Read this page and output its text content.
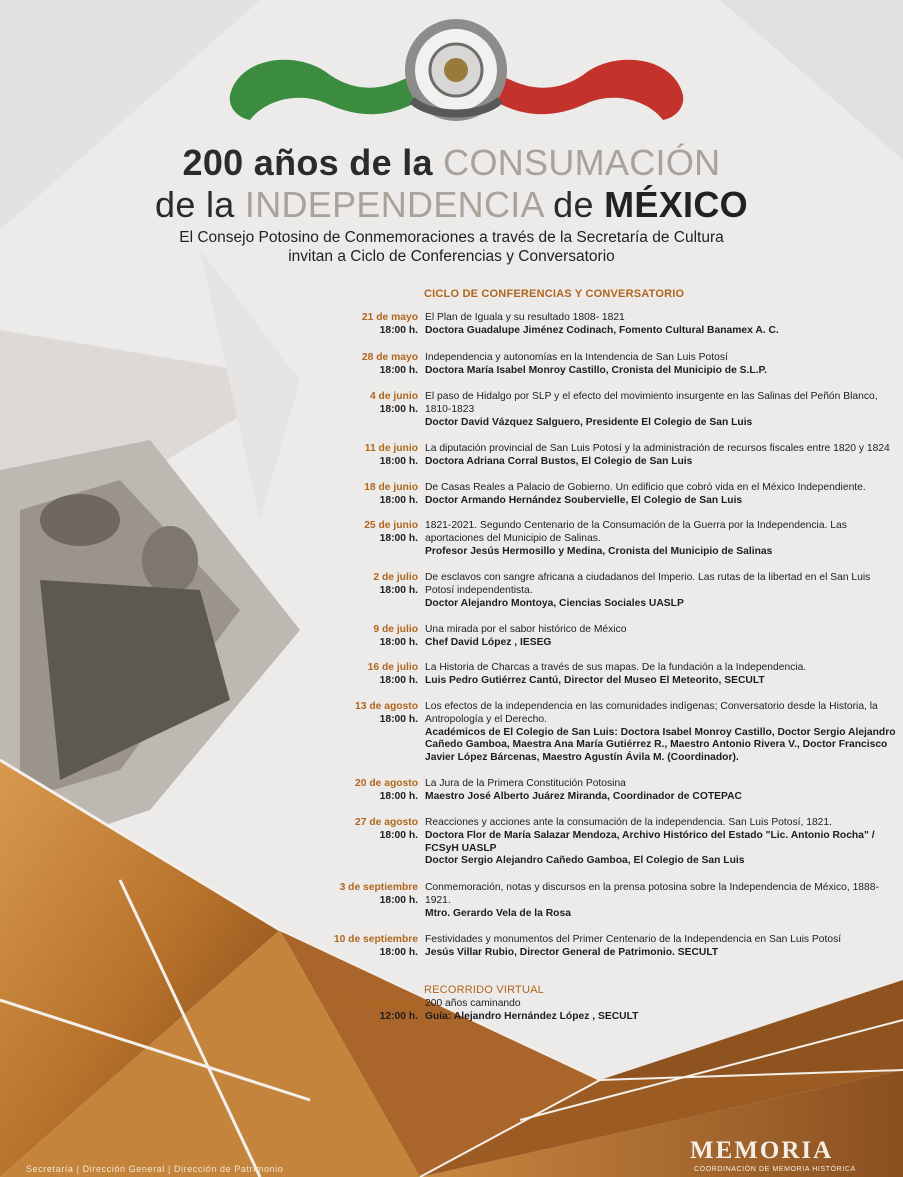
200 años de la CONSUMACIÓN
de la INDEPENDENCIA de MÉXICO
El Consejo Potosino de Conmemoraciones a través de la Secretaría de Cultura
invitan a Ciclo de Conferencias y Conversatorio
CICLO DE CONFERENCIAS Y CONVERSATORIO
21 de mayo
18:00 h.
El Plan de Iguala y su resultado 1808- 1821
Doctora Guadalupe Jiménez Codinach, Fomento Cultural Banamex A. C.
28 de mayo
18:00 h.
Independencia y autonomías en la Intendencia de San Luis Potosí
Doctora María Isabel Monroy Castillo, Cronista del Municipio de S.L.P.
4 de junio
18:00 h.
El paso de Hidalgo por SLP y el efecto del movimiento insurgente en las Salinas del Peñón Blanco, 1810-1823
Doctor David Vázquez Salguero, Presidente El Colegio de San Luis
11 de junio
18:00 h.
La diputación provincial de San Luis Potosí y la administración de recursos fiscales entre 1820 y 1824
Doctora Adriana Corral Bustos, El Colegio de San Luis
18 de junio
18:00 h.
De Casas Reales a Palacio de Gobierno. Un edificio que cobró vida en el México Independiente.
Doctor Armando Hernández Soubervielle, El Colegio de San Luis
25 de junio
18:00 h.
1821-2021. Segundo Centenario de la Consumación de la Guerra por la Independencia. Las aportaciones del Municipio de Salinas.
Profesor Jesús Hermosillo y Medina, Cronista del Municipio de Salinas
2 de julio
18:00 h.
De esclavos con sangre africana a ciudadanos del Imperio. Las rutas de la libertad en el San Luis Potosí independentista.
Doctor Alejandro Montoya, Ciencias Sociales UASLP
9 de julio
18:00 h.
Una mirada por el sabor histórico de México
Chef David López , IESEG
16 de julio
18:00 h.
La Historia de Charcas a través de sus mapas. De la fundación a la Independencia.
Luis Pedro Gutiérrez Cantú, Director del Museo El Meteorito, SECULT
13 de agosto
18:00 h.
Los efectos de la independencia en las comunidades indígenas; Conversatorio desde la Historia, la Antropología y el Derecho.
Académicos de El Colegio de San Luis: Doctora Isabel Monroy Castillo, Doctor Sergio Alejandro Cañedo Gamboa, Maestra Ana María Gutiérrez R., Maestro Antonio Rivera V., Doctor Francisco Javier López Bárcenas, Maestro Agustín Ávila M. (Coordinador).
20 de agosto
18:00 h.
La Jura de la Primera Constitución Potosina
Maestro José Alberto Juárez Miranda, Coordinador de COTEPAC
27 de agosto
18:00 h.
Reacciones y acciones ante la consumación de la independencia. San Luis Potosí, 1821.
Doctora Flor de María Salazar Mendoza, Archivo Histórico del Estado "Lic. Antonio Rocha" / FCSyH UASLP
Doctor Sergio Alejandro Cañedo Gamboa, El Colegio de San Luis
3 de septiembre
18:00 h.
Conmemoración, notas y discursos en la prensa potosina sobre la Independencia de México, 1888-1921.
Mtro. Gerardo Vela de la Rosa
10 de septiembre
18:00 h.
Festividades y monumentos del Primer Centenario de la Independencia en San Luis Potosí
Jesús Villar Rubio, Director General de Patrimonio. SECULT
RECORRIDO VIRTUAL
10 de septiembre
12:00 h.
200 años caminando
Guía: Alejandro Hernández López , SECULT
Secretaría | Dirección General | Dirección de Patrimonio
MEMORIA
COORDINACIÓN DE MEMORIA HISTÓRICA
